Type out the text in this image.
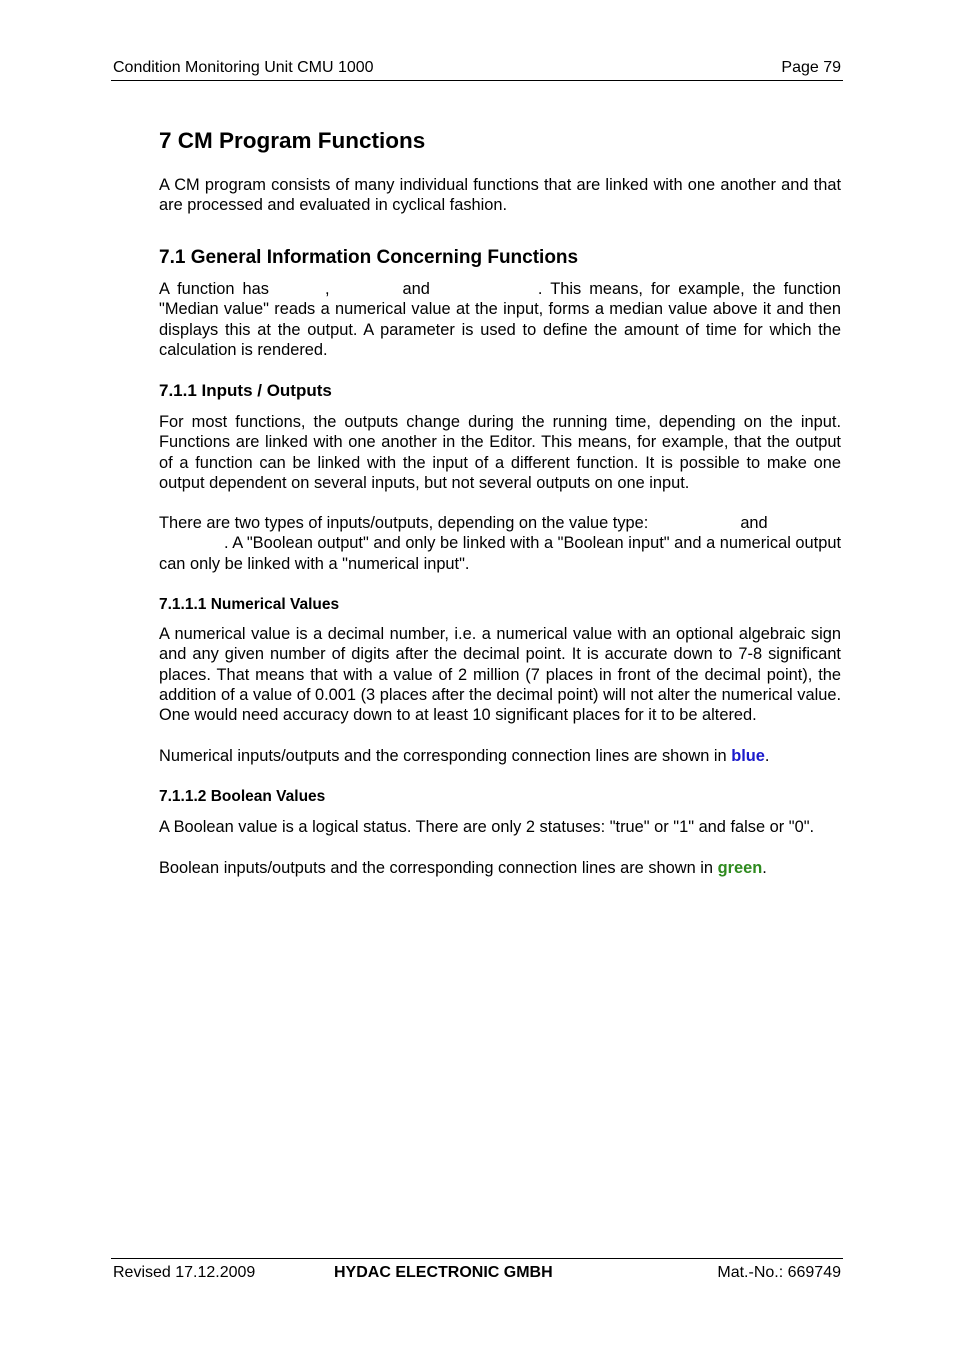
Condition Monitoring Unit CMU 1000	Page 79
7 CM Program Functions

A CM program consists of many individual functions that are linked with one another and that are processed and evaluated in cyclical fashion.

7.1 General Information Concerning Functions

A function has	,	and	. This means, for example, the function "Median value" reads a numerical value at the input, forms a median value above it and then displays this at the output. A parameter is used to define the amount of time for which the calculation is rendered.

7.1.1 Inputs / Outputs

For most functions, the outputs change during the running time, depending on the input. Functions are linked with one another in the Editor. This means, for example, that the output of a function can be linked with the input of a different function. It is possible to make one output dependent on several inputs, but not several outputs on one input.

There are two types of inputs/outputs, depending on the value type:	and
. A "Boolean output" and only be linked with a "Boolean input" and a numerical output can only be linked with a "numerical input".

7.1.1.1 Numerical Values

A numerical value is a decimal number, i.e. a numerical value with an optional algebraic sign and any given number of digits after the decimal point. It is accurate down to 7-8 significant places. That means that with a value of 2 million (7 places in front of the decimal point), the addition of a value of 0.001 (3 places after the decimal point) will not alter the numerical value. One would need accuracy down to at least 10 significant places for it to be altered.

Numerical inputs/outputs and the corresponding connection lines are shown in blue.

7.1.1.2 Boolean Values

A Boolean value is a logical status. There are only 2 statuses: "true" or "1" and false or "0".

Boolean inputs/outputs and the corresponding connection lines are shown in green.

Revised 17.12.2009	HYDAC ELECTRONIC GMBH	Mat.-No.: 669749
